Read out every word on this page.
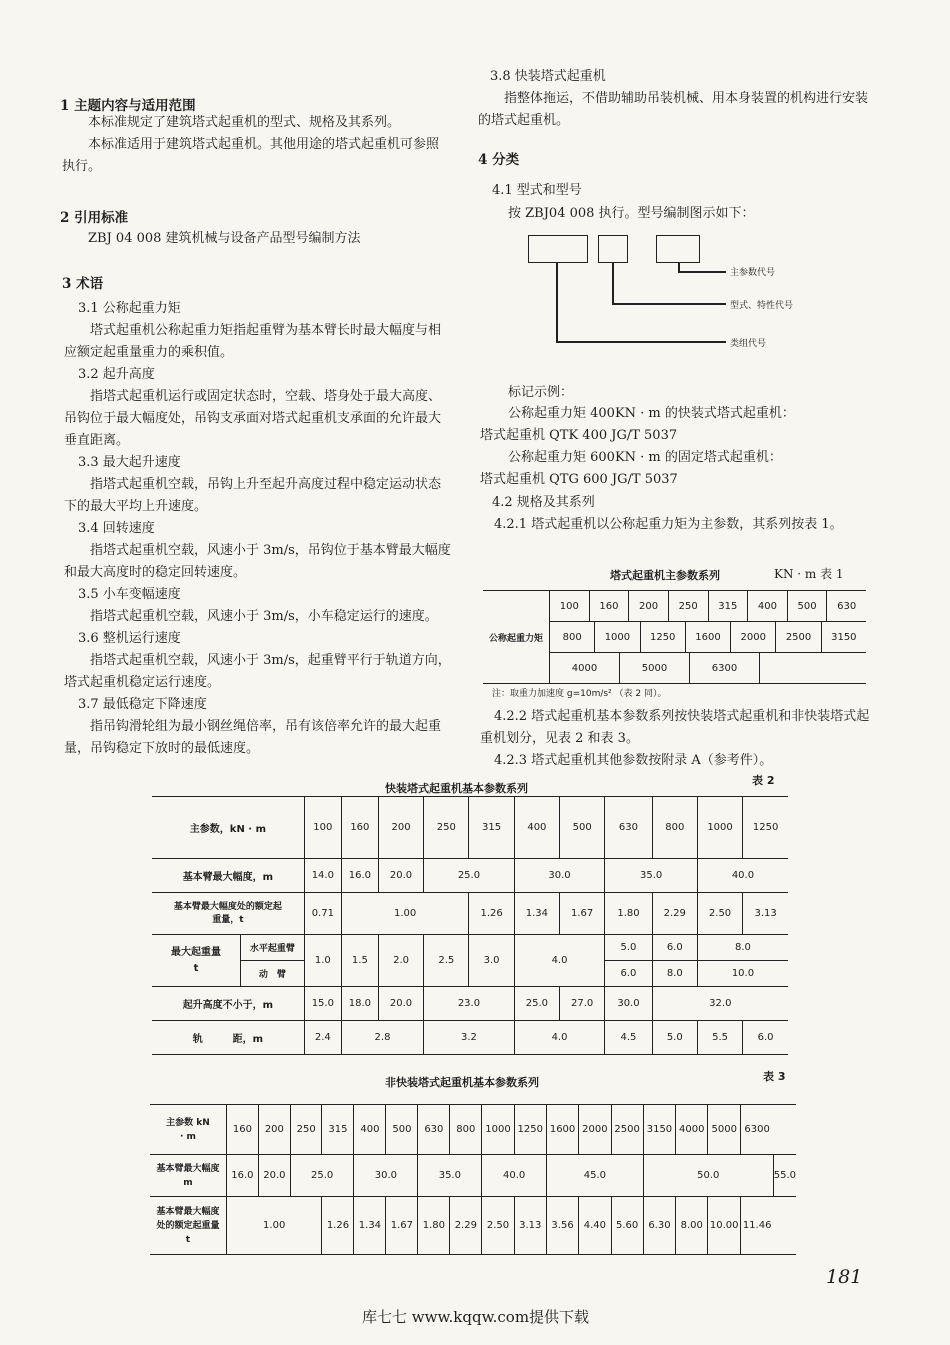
1 主题内容与适用范围
本标准规定了建筑塔式起重机的型式、规格及其系列。
本标准适用于建筑塔式起重机。其他用途的塔式起重机可参照执行。
2 引用标准
ZBJ 04 008 建筑机械与设备产品型号编制方法
3 术语
3.1 公称起重力矩
塔式起重机公称起重力矩指起重臂为基本臂长时最大幅度与相应额定起重量重力的乘积值。
3.2 起升高度
指塔式起重机运行或固定状态时，空载、塔身处于最大高度、吊钩位于最大幅度处，吊钩支承面对塔式起重机支承面的允许最大垂直距离。
3.3 最大起升速度
指塔式起重机空载，吊钩上升至起升高度过程中稳定运动状态下的最大平均上升速度。
3.4 回转速度
指塔式起重机空载，风速小于 3m/s，吊钩位于基本臂最大幅度和最大高度时的稳定回转速度。
3.5 小车变幅速度
指塔式起重机空载，风速小于 3m/s，小车稳定运行的速度。
3.6 整机运行速度
指塔式起重机空载，风速小于 3m/s，起重臂平行于轨道方向，塔式起重机稳定运行速度。
3.7 最低稳定下降速度
指吊钩滑轮组为最小钢丝绳倍率，吊有该倍率允许的最大起重量，吊钩稳定下放时的最低速度。
3.8 快装塔式起重机
指整体拖运，不借助辅助吊装机械、用本身装置的机构进行安装的塔式起重机。
4 分类
4.1 型式和型号
按 ZBJ04 008 执行。型号编制图示如下：
主参数代号
型式、特性代号
类组代号
标记示例：
公称起重力矩 400KN · m 的快装式塔式起重机：
塔式起重机 QTK 400 JG/T 5037
公称起重力矩 600KN · m 的固定塔式起重机：
塔式起重机 QTG 600 JG/T 5037
4.2 规格及其系列
4.2.1 塔式起重机以公称起重力矩为主参数，其系列按表 1。
塔式起重机主参数系列	KN · m 表 1
公称起重力矩
100	160	200	250	315	400	500	630
800	1000	1250	1600	2000	2500	3150
4000	5000	6300
注：取重力加速度 g=10m/s² （表 2 同）。
4.2.2 塔式起重机基本参数系列按快装塔式起重机和非快装塔式起重机划分，见表 2 和表 3。
4.2.3 塔式起重机其他参数按附录 A（参考件）。
快装塔式起重机基本参数系列
表 2
主参数，kN · m		100	160	200	250	315	400	500	630	800	1000	1250
基本臂最大幅度，m		14.0	16.0	20.0	25.0		30.0		35.0		40.0	
基本臂最大幅度处的额定起重量，t		0.71	1.00			1.26	1.34	1.67	1.80	2.29	2.50	3.13
最大起重量
t	水平起重臂	1.0	1.5	2.0	2.5	3.0	4.0		5.0	6.0	8.0	
	动　臂								6.0	8.0	10.0	
起升高度不小于，m		15.0	18.0	20.0	23.0		25.0	27.0	30.0	32.0		
轨　　　距，m		2.4	2.8		3.2		4.0		4.5	5.0	5.5	6.0
非快装塔式起重机基本参数系列	表 3
主参数 kN · m	160	200	250	315	400	500	630	800	1000	1250	1600	2000	2500	3150	4000	5000	6300	
基本臂最大幅度 m	16.0	20.0	25.0		30.0		35.0		40.0		45.0			50.0				55.0
基本臂最大幅度处的额定起重量 t	1.00			1.26	1.34	1.67	1.80	2.29	2.50	3.13	3.56	4.40	5.60	6.30	8.00	10.00	11.46	
181
库七七 www.kqqw.com提供下载
